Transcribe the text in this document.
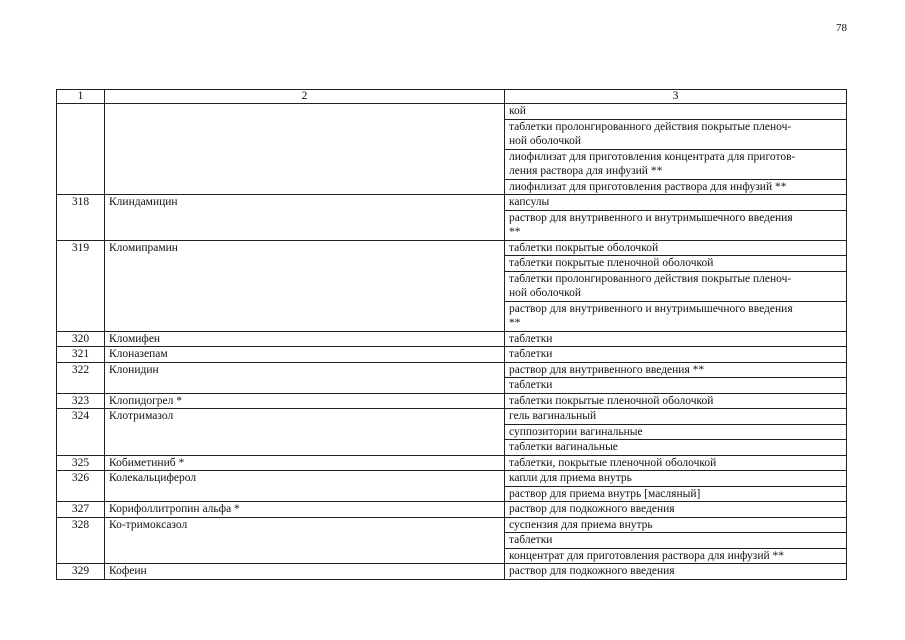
78
1	2	3
		кой
		таблетки пролонгированного действия покрытые пленоч-
ной оболочкой
		лиофилизат для приготовления концентрата для приготов-
ления раствора для инфузий **
		лиофилизат для приготовления раствора для инфузий **
318	Клиндамицин	капсулы
		раствор для внутривенного и внутримышечного введения
**
319	Кломипрамин	таблетки покрытые оболочкой
		таблетки покрытые пленочной оболочкой
		таблетки пролонгированного действия покрытые пленоч-
ной оболочкой
		раствор для внутривенного и внутримышечного введения
**
320	Кломифен	таблетки
321	Клоназепам	таблетки
322	Клонидин	раствор для внутривенного введения **
		таблетки
323	Клопидогрел *	таблетки покрытые пленочной оболочкой
324	Клотримазол	гель вагинальный
		суппозитории вагинальные
		таблетки вагинальные
325	Кобиметиниб *	таблетки, покрытые пленочной оболочкой
326	Колекальциферол	капли для приема внутрь
		раствор для приема внутрь [масляный]
327	Корифоллитропин альфа *	раствор для подкожного введения
328	Ко-тримоксазол	суспензия для приема внутрь
		таблетки
		концентрат для приготовления раствора для инфузий **
329	Кофеин	раствор для подкожного введения
